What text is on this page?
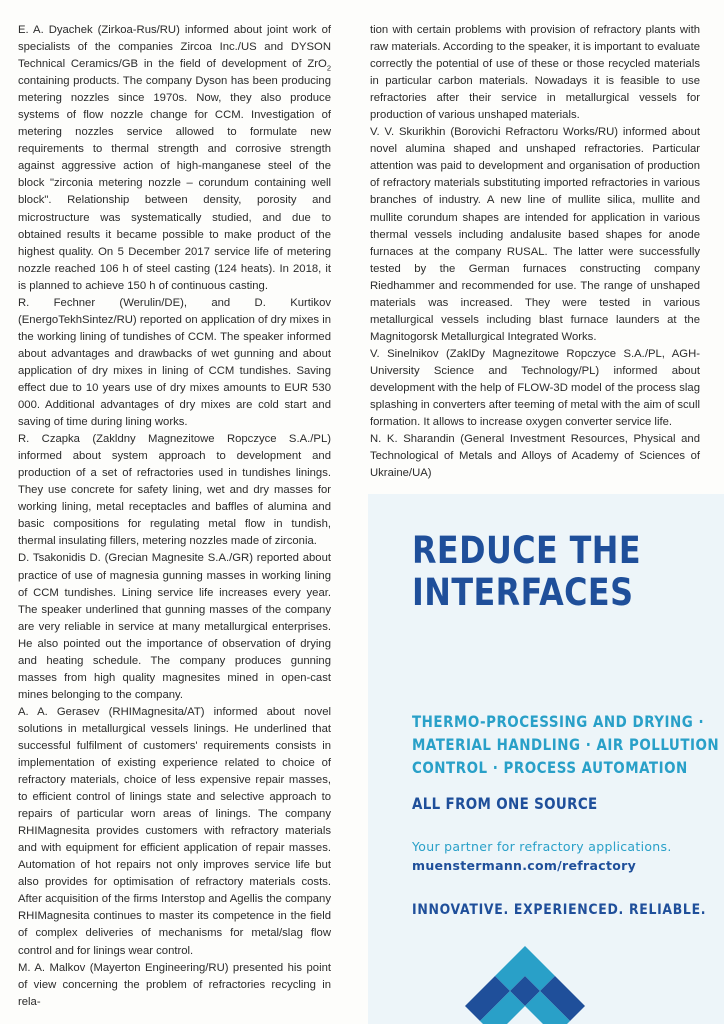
E. A. Dyachek (Zirkoa-Rus/RU) informed about joint work of specialists of the companies Zircoa Inc./US and DYSON Technical Ceramics/GB in the field of development of ZrO$_2$ containing products. The company Dyson has been producing metering nozzles since 1970s. Now, they also produce systems of flow nozzle change for CCM. Investigation of metering nozzles service allowed to formulate new requirements to thermal strength and corrosive strength against aggressive action of high-manganese steel of the block "zirconia metering nozzle – corundum containing well block". Relationship between density, porosity and microstructure was systematically studied, and due to obtained results it became possible to make product of the highest quality. On 5 December 2017 service life of metering nozzle reached 106 h of steel casting (124 heats). In 2018, it is planned to achieve 150 h of continuous casting.

R. Fechner (Werulin/DE), and D. Kurtikov (EnergoTekhSintez/RU) reported on application of dry mixes in the working lining of tundishes of CCM. The speaker informed about advantages and drawbacks of wet gunning and about application of dry mixes in lining of CCM tundishes. Saving effect due to 10 years use of dry mixes amounts to EUR 530 000. Additional advantages of dry mixes are cold start and saving of time during lining works.

R. Czapka (Zakldny Magnezitowe Ropczyce S.A./PL) informed about system approach to development and production of a set of refractories used in tundishes linings. They use concrete for safety lining, wet and dry masses for working lining, metal receptacles and baffles of alumina and basic compositions for regulating metal flow in tundish, thermal insulating fillers, metering nozzles made of zirconia.

D. Tsakonidis D. (Grecian Magnesite S.A./GR) reported about practice of use of magnesia gunning masses in working lining of CCM tundishes. Lining service life increases every year. The speaker underlined that gunning masses of the company are very reliable in service at many metallurgical enterprises. He also pointed out the importance of observation of drying and heating schedule. The company produces gunning masses from high quality magnesites mined in open-cast mines belonging to the company.

A. A. Gerasev (RHIMagnesita/AT) informed about novel solutions in metallurgical vessels linings. He underlined that successful fulfilment of customers' requirements consists in implementation of existing experience related to choice of refractory materials, choice of less expensive repair masses, to efficient control of linings state and selective approach to repairs of particular worn areas of linings. The company RHIMagnesita provides customers with refractory materials and with equipment for efficient application of repair masses. Automation of hot repairs not only improves service life but also provides for optimisation of refractory materials costs. After acquisition of the firms Interstop and Agellis the company RHIMagnesita continues to master its competence in the field of complex deliveries of mechanisms for metal/slag flow control and for linings wear control.

M. A. Malkov (Mayerton Engineering/RU) presented his point of view concerning the problem of refractories recycling in rela-

tion with certain problems with provision of refractory plants with raw materials. According to the speaker, it is important to evaluate correctly the potential of use of these or those recycled materials in particular carbon materials. Nowadays it is feasible to use refractories after their service in metallurgical vessels for production of various unshaped materials.

V. V. Skurikhin (Borovichi Refractoru Works/RU) informed about novel alumina shaped and unshaped refractories. Particular attention was paid to development and organisation of production of refractory materials substituting imported refractories in various branches of industry. A new line of mullite silica, mullite and mullite corundum shapes are intended for application in various thermal vessels including andalusite based shapes for anode furnaces at the company RUSAL. The latter were successfully tested by the German furnaces constructing company Riedhammer and recommended for use. The range of unshaped materials was increased. They were tested in various metallurgical vessels including blast furnace launders at the Magnitogorsk Metallurgical Integrated Works.

V. Sinelnikov (ZaklDy Magnezitowe Ropczyce S.A./PL, AGH-University Science and Technology/PL) informed about development with the help of FLOW-3D model of the process slag splashing in converters after teeming of metal with the aim of scull formation. It allows to increase oxygen converter service life.

N. K. Sharandin (General Investment Resources, Physical and Technological of Metals and Alloys of Academy of Sciences of Ukraine/UA)

REDUCE THE
INTERFACES
THERMO-PROCESSING AND DRYING ·
MATERIAL HANDLING · AIR POLLUTION
CONTROL · PROCESS AUTOMATION
ALL FROM ONE SOURCE
Your partner for refractory applications.
muenstermann.com/refractory
INNOVATIVE. EXPERIENCED. RELIABLE.
